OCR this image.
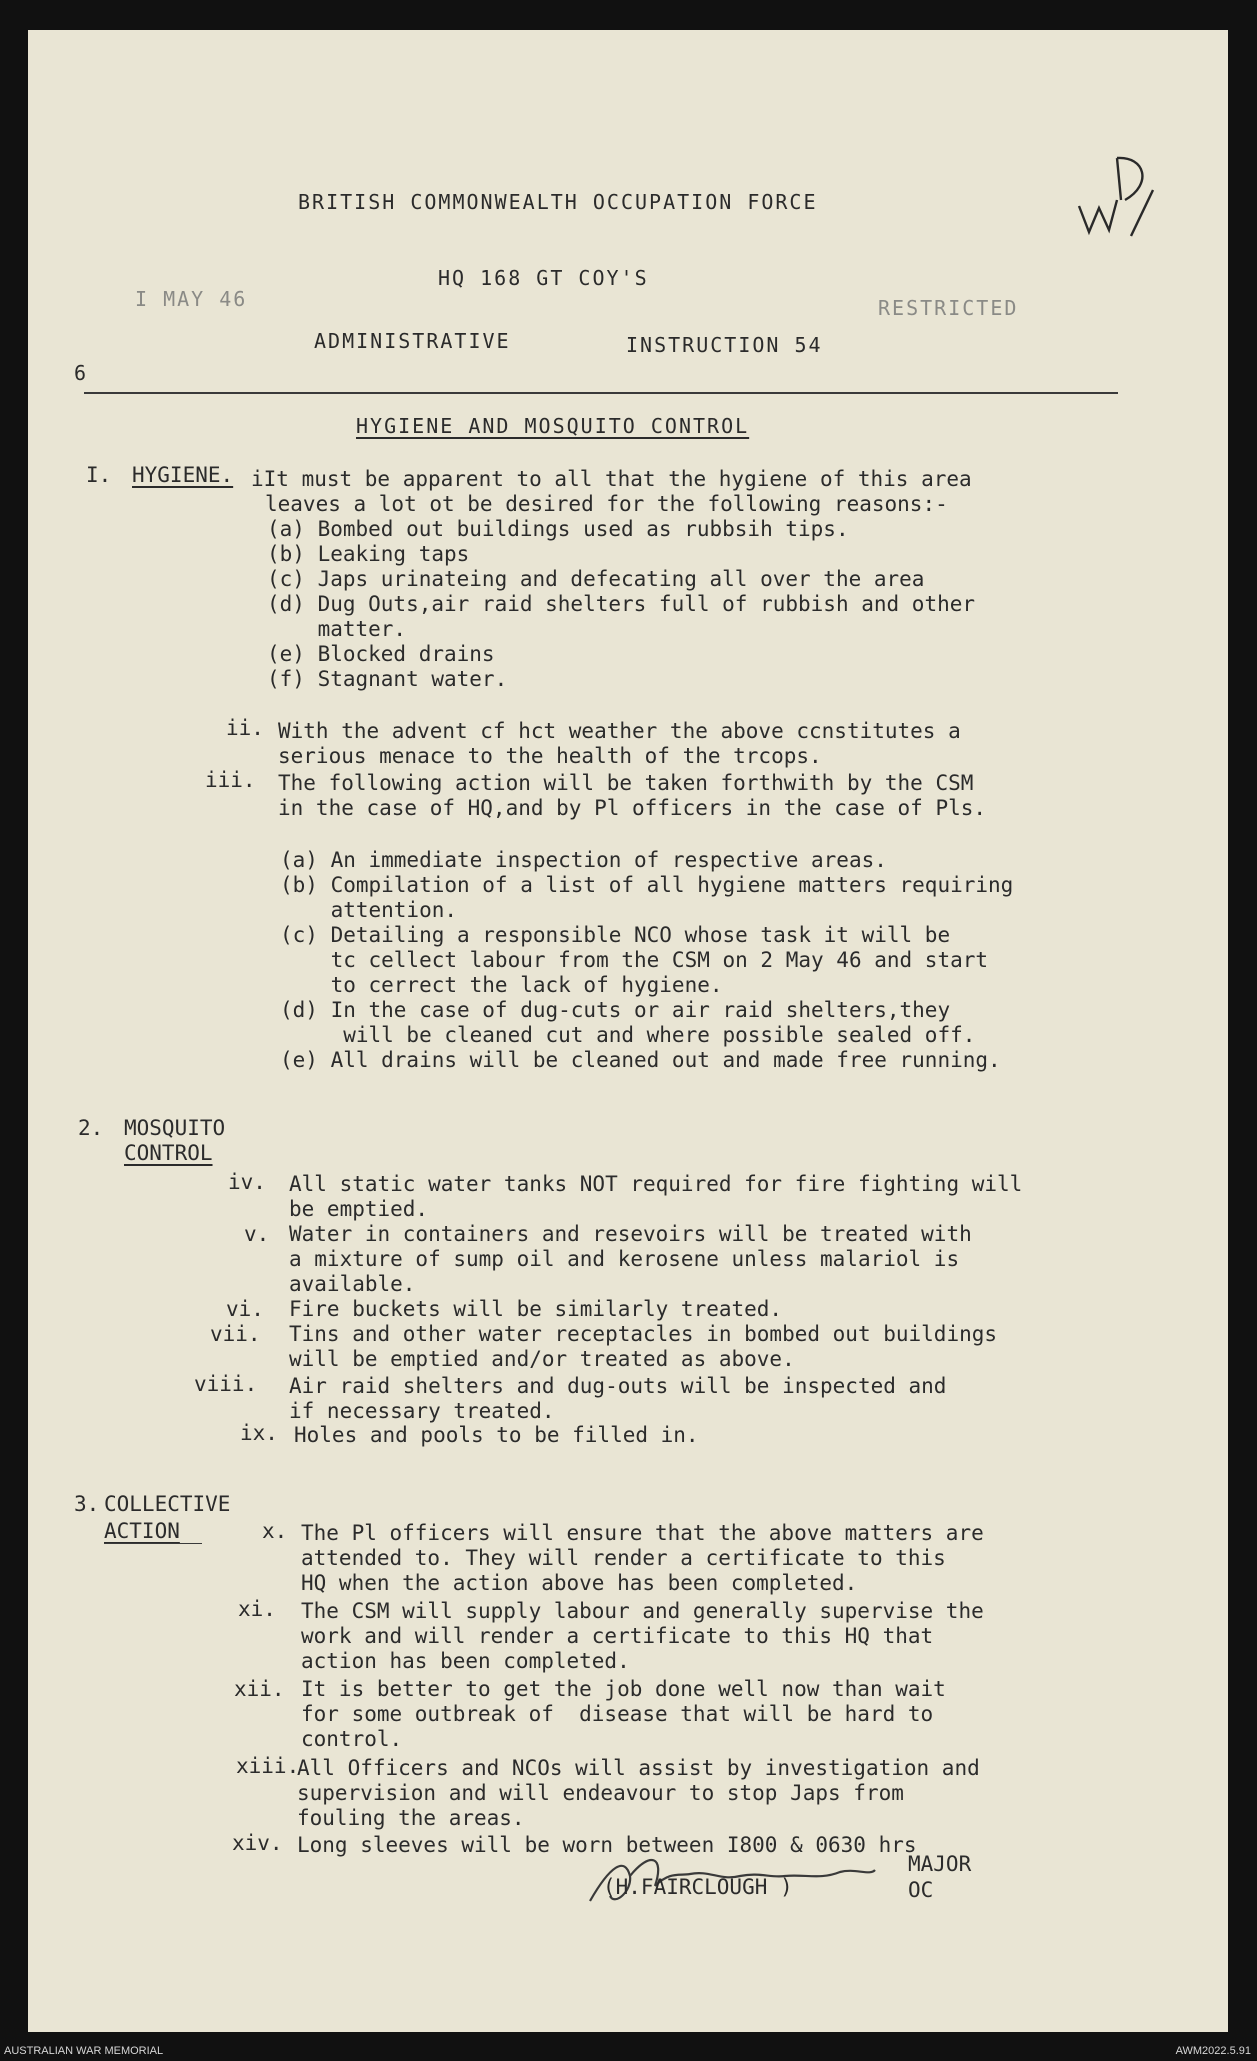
BRITISH COMMONWEALTH OCCUPATION FORCE
HQ 168 GT COY'S
I MAY 46	RESTRICTED
ADMINISTRATIVE	INSTRUCTION 54
6
HYGIENE AND MOSQUITO CONTROL
I. HYGIENE. iIt must be apparent to all that the hygiene of this area
leaves a lot ot be desired for the following reasons:-
(a) Bombed out buildings used as rubbsih tips.
(b) Leaking taps
(c) Japs urinateing and defecating all over the area
(d) Dug Outs,air raid shelters full of rubbish and other
matter.
(e) Blocked drains
(f) Stagnant water.
ii. With the advent cf hct weather the above ccnstitutes a
serious menace to the health of the trcops.
iii. The following action will be taken forthwith by the CSM
in the case of HQ,and by Pl officers in the case of Pls.
(a) An immediate inspection of respective areas.
(b) Compilation of a list of all hygiene matters requiring
attention.
(c) Detailing a responsible NCO whose task it will be
tc cellect labour from the CSM on 2 May 46 and start
to cerrect the lack of hygiene.
(d) In the case of dug-cuts or air raid shelters,they
will be cleaned cut and where possible sealed off.
(e) All drains will be cleaned out and made free running.
2. MOSQUITO
CONTROL
iv. All static water tanks NOT required for fire fighting will
be emptied.
v. Water in containers and resevoirs will be treated with
a mixture of sump oil and kerosene unless malariol is
available.
vi. Fire buckets will be similarly treated.
vii. Tins and other water receptacles in bombed out buildings
will be emptied and/or treated as above.
viii. Air raid shelters and dug-outs will be inspected and
if necessary treated.
ix. Holes and pools to be filled in.
3. COLLECTIVE
ACTION	x. The Pl officers will ensure that the above matters are
attended to. They will render a certificate to this
HQ when the action above has been completed.
xi. The CSM will supply labour and generally supervise the
work and will render a certificate to this HQ that
action has been completed.
xii. It is better to get the job done well now than wait
for some outbreak of  disease that will be hard to
control.
xiii.
All Officers and NCOs will assist by investigation and
supervision and will endeavour to stop Japs from
fouling the areas.
xiv. Long sleeves will be worn between I800 & 0630 hrs
(H.FAIRCLOUGH )
MAJOR
OC
AUSTRALIAN WAR MEMORIAL	AWM2022.5.91
